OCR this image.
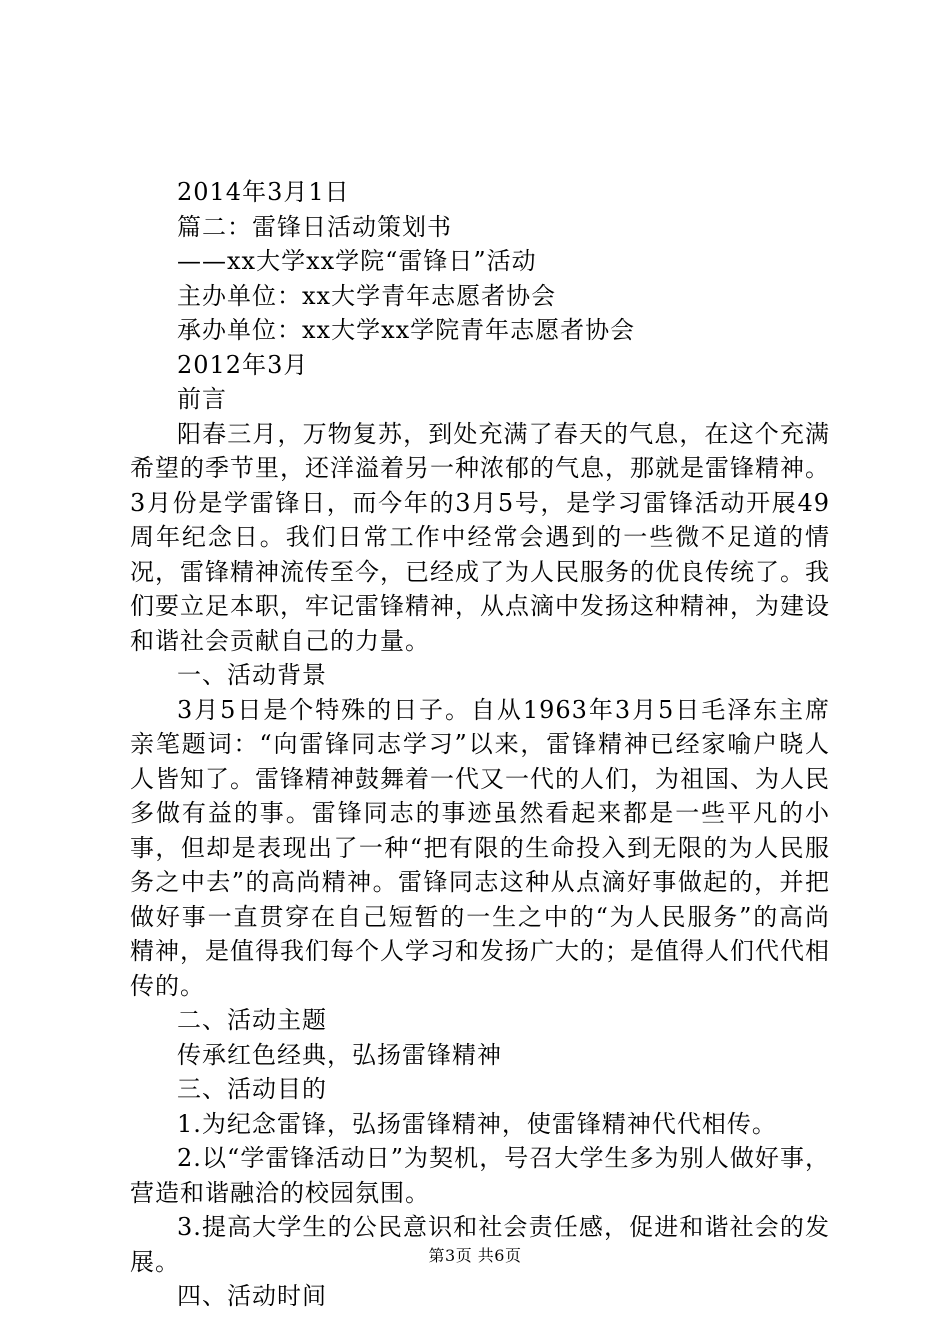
2014年3月1日
篇二：雷锋日活动策划书
——xx大学xx学院“雷锋日”活动
主办单位：xx大学青年志愿者协会
承办单位：xx大学xx学院青年志愿者协会
2012年3月
前言
阳春三月，万物复苏，到处充满了春天的气息，在这个充满希望的季节里，还洋溢着另一种浓郁的气息，那就是雷锋精神。3月份是学雷锋日，而今年的3月5号，是学习雷锋活动开展49周年纪念日。我们日常工作中经常会遇到的一些微不足道的情况，雷锋精神流传至今，已经成了为人民服务的优良传统了。我们要立足本职，牢记雷锋精神，从点滴中发扬这种精神，为建设和谐社会贡献自己的力量。
一、活动背景
3月5日是个特殊的日子。自从1963年3月5日毛泽东主席亲笔题词：“向雷锋同志学习”以来，雷锋精神已经家喻户晓人人皆知了。雷锋精神鼓舞着一代又一代的人们，为祖国、为人民多做有益的事。雷锋同志的事迹虽然看起来都是一些平凡的小事，但却是表现出了一种“把有限的生命投入到无限的为人民服务之中去”的高尚精神。雷锋同志这种从点滴好事做起的，并把做好事一直贯穿在自己短暂的一生之中的“为人民服务”的高尚精神，是值得我们每个人学习和发扬广大的；是值得人们代代相传的。
二、活动主题
传承红色经典，弘扬雷锋精神
三、活动目的
1.为纪念雷锋，弘扬雷锋精神，使雷锋精神代代相传。
2.以“学雷锋活动日”为契机，号召大学生多为别人做好事，营造和谐融洽的校园氛围。
3.提高大学生的公民意识和社会责任感，促进和谐社会的发展。
四、活动时间
第3页 共6页
